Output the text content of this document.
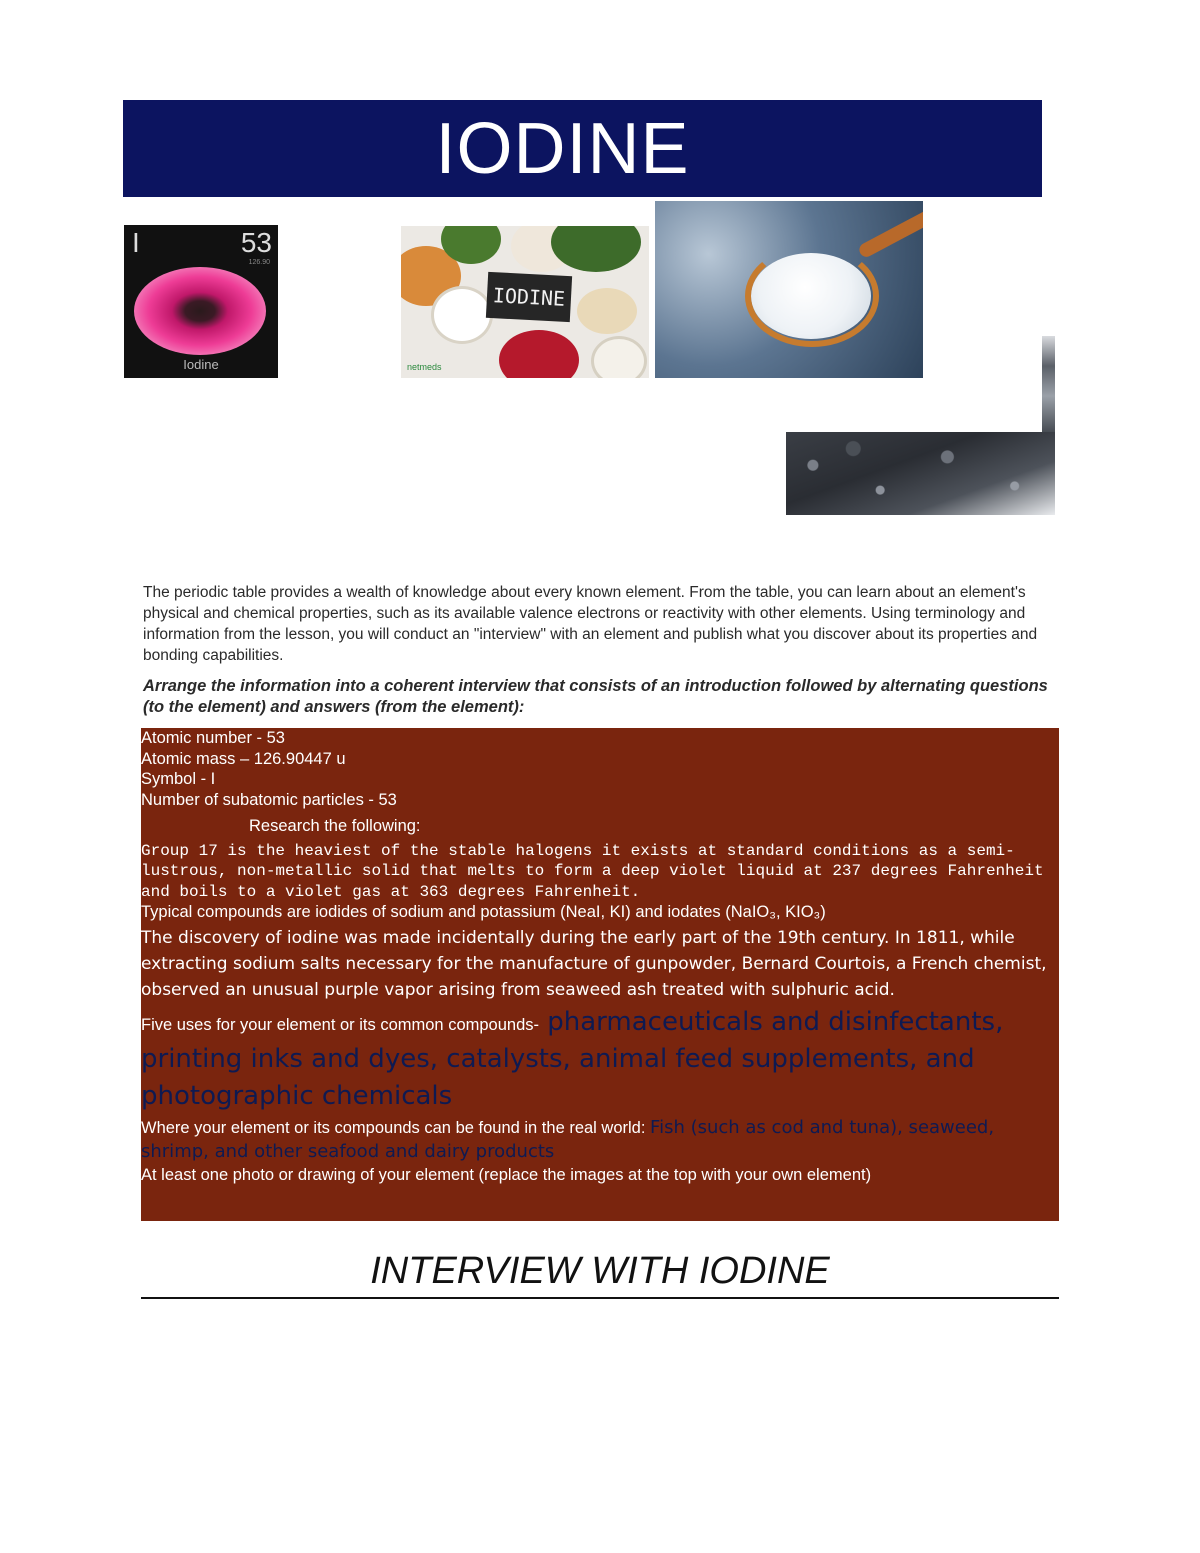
IODINE
I	53
126.90
Iodine
IODINE
netmeds
The periodic table provides a wealth of knowledge about every known element. From the table, you can learn about an element's physical and chemical properties, such as its available valence electrons or reactivity with other elements. Using terminology and information from the lesson, you will conduct an "interview" with an element and publish what you discover about its properties and bonding capabilities.
Arrange the information into a coherent interview that consists of an introduction followed by alternating questions (to the element) and answers (from the element):
Atomic number - 53
Atomic mass – 126.90447 u
Symbol - I
Number of subatomic particles - 53
Research the following:
Group 17 is the heaviest of the stable halogens it exists at standard conditions as a semi-lustrous, non-metallic solid that melts to form a deep violet liquid at 237 degrees Fahrenheit and boils to a violet gas at 363 degrees Fahrenheit.
Typical compounds are iodides of sodium and potassium (NeaI, KI) and iodates (NaIO₃, KIO₃)
The discovery of iodine was made incidentally during the early part of the 19th century. In 1811, while extracting sodium salts necessary for the manufacture of gunpowder, Bernard Courtois, a French chemist, observed an unusual purple vapor arising from seaweed ash treated with sulphuric acid.
Five uses for your element or its common compounds- pharmaceuticals and disinfectants, printing inks and dyes, catalysts, animal feed supplements, and photographic chemicals
Where your element or its compounds can be found in the real world: Fish (such as cod and tuna), seaweed, shrimp, and other seafood and dairy products
At least one photo or drawing of your element (replace the images at the top with your own element)
INTERVIEW WITH IODINE
